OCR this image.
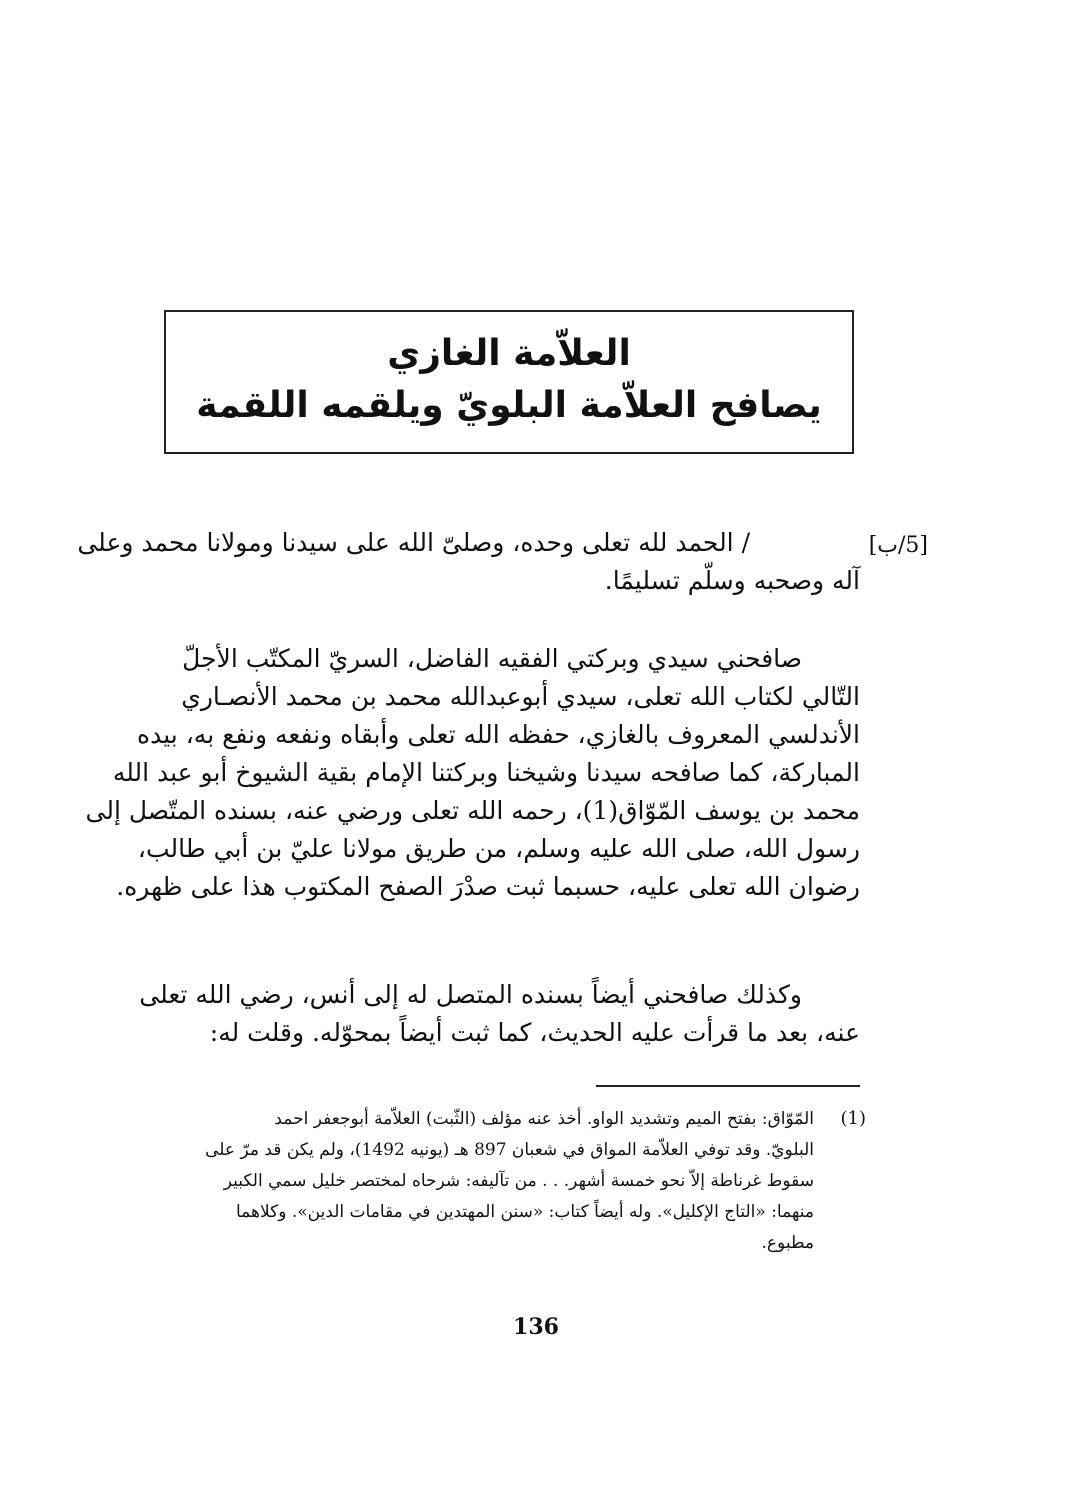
العلاّمة الغازي
يصافح العلاّمة البلويّ ويلقمه اللقمة
[5/ب]
/ الحمد لله تعلى وحده، وصلىّ الله على سيدنا ومولانا محمد وعلى
آله وصحبه وسلّم تسليمًا.
صافحني سيدي وبركتي الفقيه الفاضل، السريّ المكتّب الأجلّ
التّالي لكتاب الله تعلى، سيدي أبوعبدالله محمد بن محمد الأنصـاري
الأندلسي المعروف بالغازي، حفظه الله تعلى وأبقاه ونفعه ونفع به، بيده
المباركة، كما صافحه سيدنا وشيخنا وبركتنا الإمام بقية الشيوخ أبو عبد الله
محمد بن يوسف المّوّاق(1)، رحمه الله تعلى ورضي عنه، بسنده المتّصل إلى
رسول الله، صلى الله عليه وسلم، من طريق مولانا عليّ بن أبي طالب،
رضوان الله تعلى عليه، حسبما ثبت صدْرَ الصفح المكتوب هذا على ظهره.
وكذلك صافحني أيضاً بسنده المتصل له إلى أنس، رضي الله تعلى
عنه، بعد ما قرأت عليه الحديث، كما ثبت أيضاً بمحوّله. وقلت له:
(1)
المّوّاق: بفتح الميم وتشديد الواو. أخذ عنه مؤلف (الثّبت) العلاّمة أبوجعفر احمد
البلويّ. وقد توفي العلاّمة المواق في شعبان 897 هـ (يونيه 1492)، ولم يكن قد مرّ على
سقوط غرناطة إلاّ نحو خمسة أشهر. . . من تآليفه: شرحاه لمختصر خليل سمي الكبير
منهما: «التاج الإكليل». وله أيضاً كتاب: «سنن المهتدين في مقامات الدين». وكلاهما
مطبوع.
136
